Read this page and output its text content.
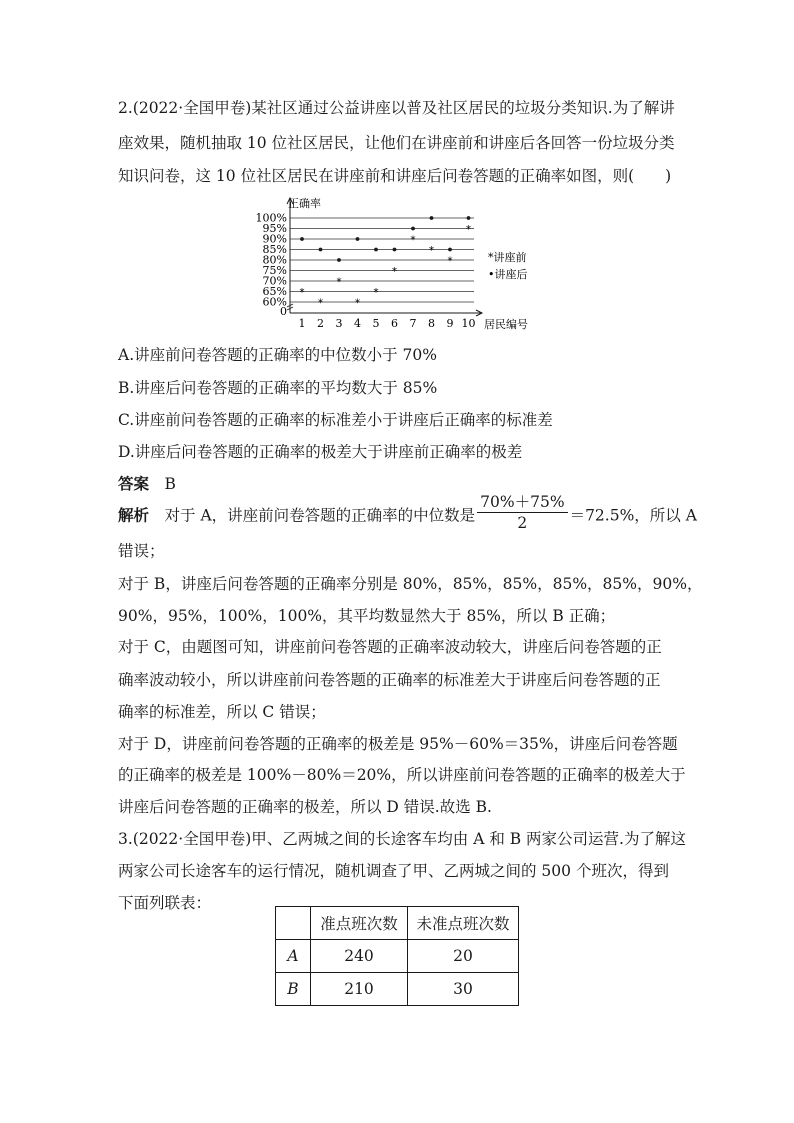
2.(2022·全国甲卷)某社区通过公益讲座以普及社区居民的垃圾分类知识.为了解讲
座效果，随机抽取 10 位社区居民，让他们在讲座前和讲座后各回答一份垃圾分类
知识问卷，这 10 位社区居民在讲座前和讲座后问卷答题的正确率如图，则(　　)
60%
65%
70%
75%
80%
85%
90%
95%
100%
0
1 2 3 4 5 6 7 8 9 10
*
*
*
*
*
*
*
*
*
*
正确率
居民编号
*讲座前
•讲座后
A.讲座前问卷答题的正确率的中位数小于 70%
B.讲座后问卷答题的正确率的平均数大于 85%
C.讲座前问卷答题的正确率的标准差小于讲座后正确率的标准差
D.讲座后问卷答题的正确率的极差大于讲座前正确率的极差
答案　 B
解析　 对于 A，讲座前问卷答题的正确率的中位数是 $\frac{70\%+75\%}{2} =72.5\%$，所以 A
错误；
对于 B，讲座后问卷答题的正确率分别是 80%，85%，85%，85%，85%，90%，
90%，95%，100%，100%，其平均数显然大于 85%，所以 B 正确；
对于 C，由题图可知，讲座前问卷答题的正确率波动较大，讲座后问卷答题的正
确率波动较小，所以讲座前问卷答题的正确率的标准差大于讲座后问卷答题的正
确率的标准差，所以 C 错误；
对于 D，讲座前问卷答题的正确率的极差是 95%－60%＝35%，讲座后问卷答题
的正确率的极差是 100%－80%＝20%，所以讲座前问卷答题的正确率的极差大于
讲座后问卷答题的正确率的极差，所以 D 错误.故选 B.
3.(2022·全国甲卷)甲、乙两城之间的长途客车均由 A 和 B 两家公司运营.为了解这
两家公司长途客车的运行情况，随机调查了甲、乙两城之间的 500 个班次，得到
下面列联表：
	准点班次数	未准点班次数
A	240	20
B	210	30
